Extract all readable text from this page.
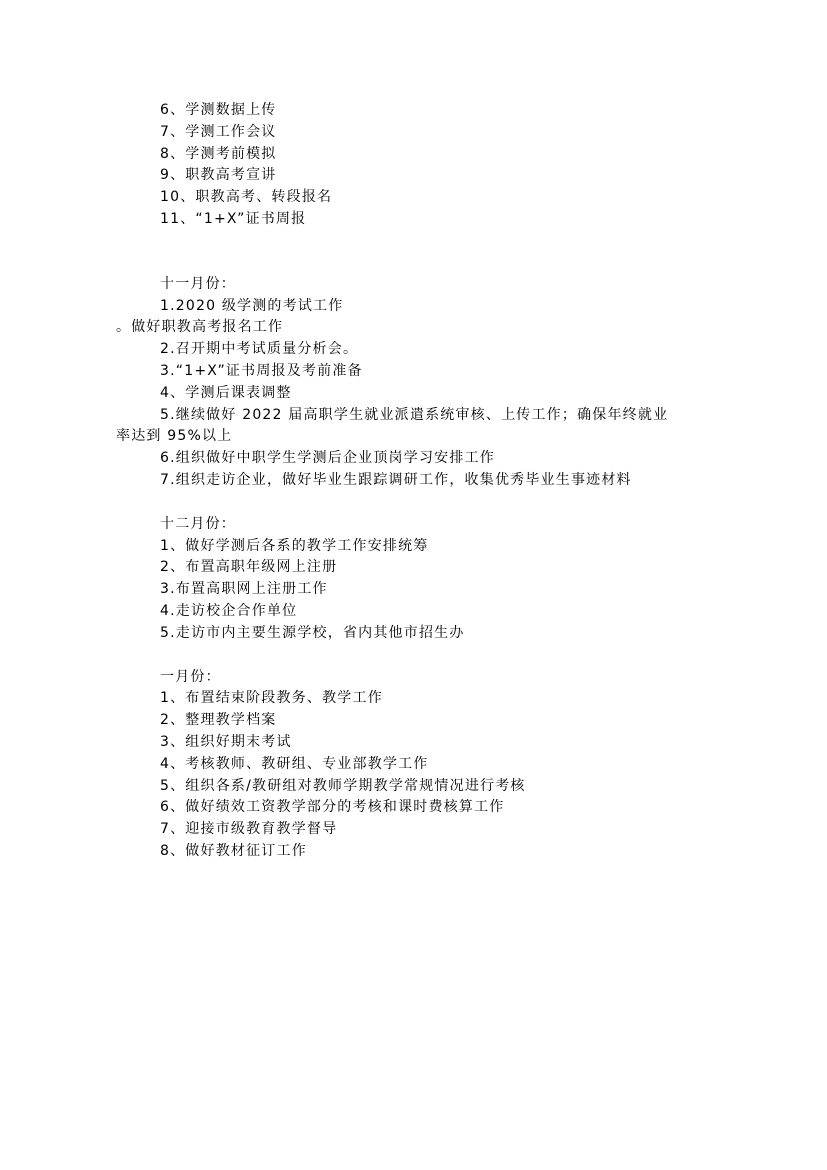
6、学测数据上传
7、学测工作会议
8、学测考前模拟
9、职教高考宣讲
10、职教高考、转段报名
11、“1+X”证书周报
十一月份：
1.2020 级学测的考试工作
。做好职教高考报名工作
2.召开期中考试质量分析会。
3.“1+X”证书周报及考前准备
4、学测后课表调整
5.继续做好 2022 届高职学生就业派遣系统审核、上传工作；确保年终就业
率达到 95%以上
6.组织做好中职学生学测后企业顶岗学习安排工作
7.组织走访企业，做好毕业生跟踪调研工作，收集优秀毕业生事迹材料
十二月份：
1、做好学测后各系的教学工作安排统筹
2、布置高职年级网上注册
3.布置高职网上注册工作
4.走访校企合作单位
5.走访市内主要生源学校，省内其他市招生办
一月份：
1、布置结束阶段教务、教学工作
2、整理教学档案
3、组织好期末考试
4、考核教师、教研组、专业部教学工作
5、组织各系/教研组对教师学期教学常规情况进行考核
6、做好绩效工资教学部分的考核和课时费核算工作
7、迎接市级教育教学督导
8、做好教材征订工作
